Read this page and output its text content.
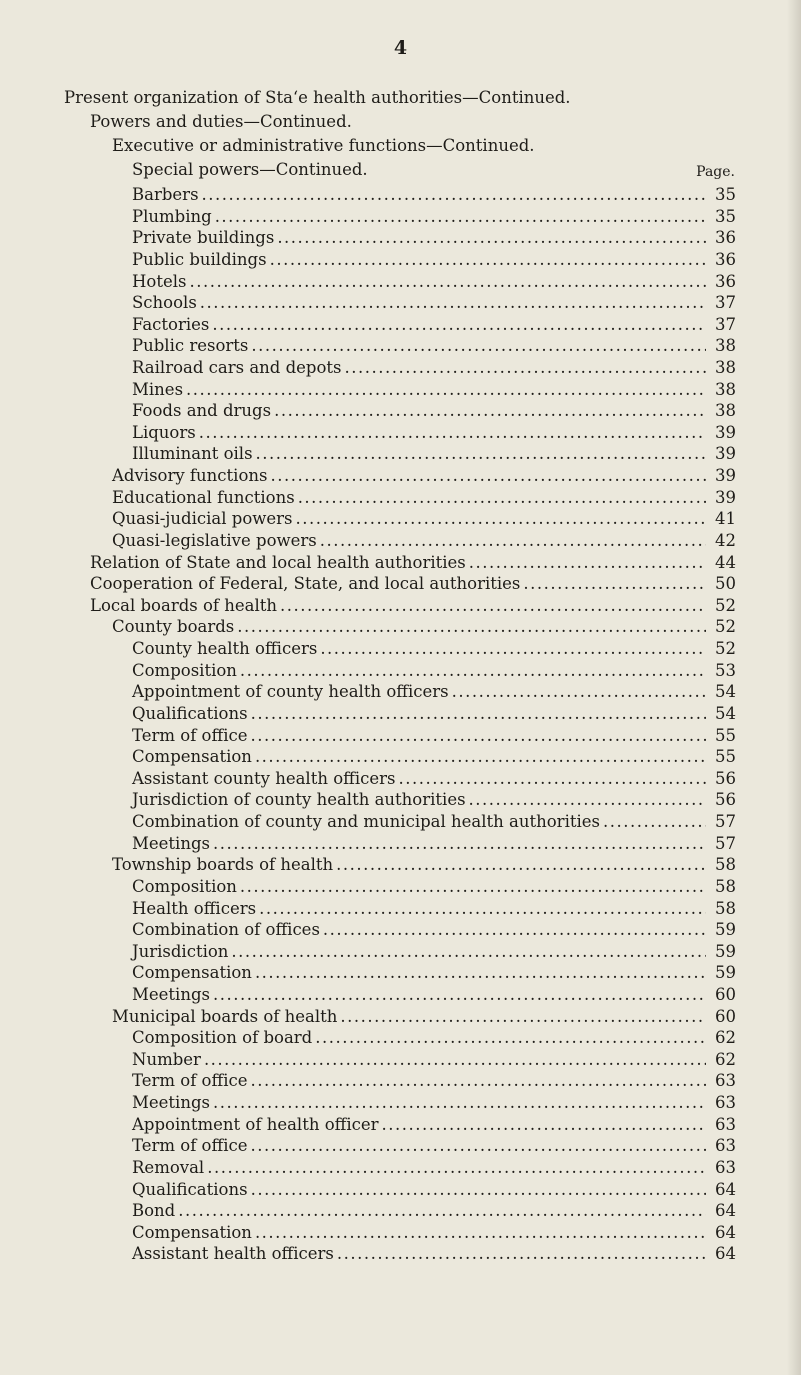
4
Present organization of Staʻe health authorities—Continued.
Powers and duties—Continued.
Executive or administrative functions—Continued.
Special powers—Continued.	Page.
Barbers .....	35
Plumbing .....	35
Private buildings .....	36
Public buildings .....	36
Hotels .....	36
Schools .....	37
Factories .....	37
Public resorts .....	38
Railroad cars and depots .....	38
Mines .....	38
Foods and drugs .....	38
Liquors .....	39
Illuminant oils .....	39
Advisory functions .....	39
Educational functions .....	39
Quasi-judicial powers .....	41
Quasi-legislative powers .....	42
Relation of State and local health authorities .....	44
Cooperation of Federal, State, and local authorities .....	50
Local boards of health .....	52
County boards .....	52
County health officers .....	52
Composition .....	53
Appointment of county health officers .....	54
Qualifications .....	54
Term of office .....	55
Compensation .....	55
Assistant county health officers .....	56
Jurisdiction of county health authorities .....	56
Combination of county and municipal health authorities .....	57
Meetings .....	57
Township boards of health .....	58
Composition .....	58
Health officers .....	58
Combination of offices .....	59
Jurisdiction .....	59
Compensation .....	59
Meetings .....	60
Municipal boards of health .....	60
Composition of board .....	62
Number .....	62
Term of office .....	63
Meetings .....	63
Appointment of health officer .....	63
Term of office .....	63
Removal .....	63
Qualifications .....	64
Bond .....	64
Compensation .....	64
Assistant health officers .....	64
